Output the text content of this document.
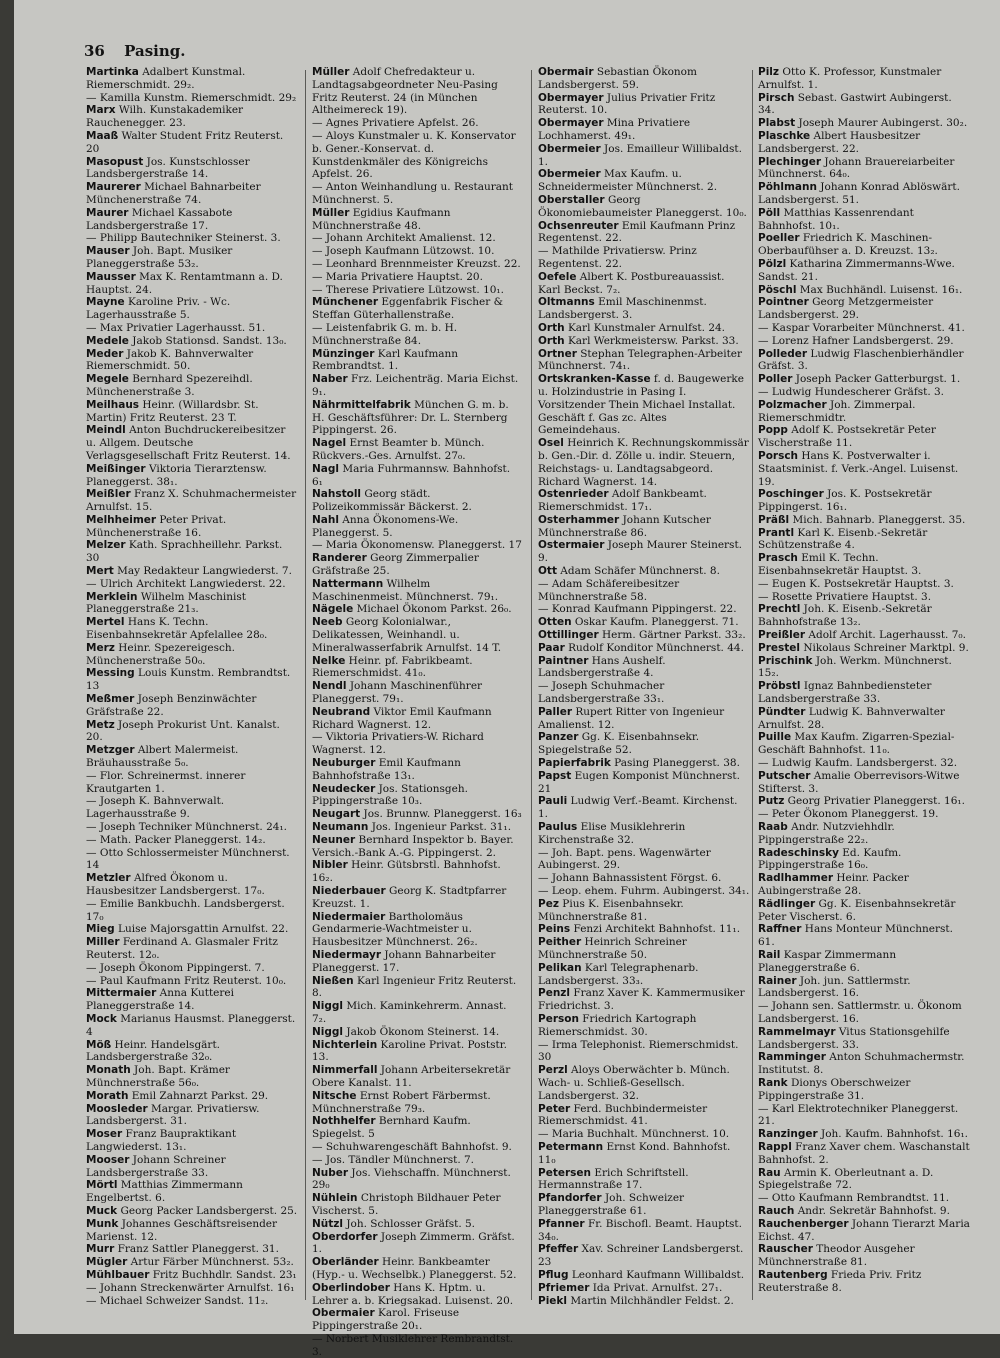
36 Pasing.
Martinka Adalbert Kunstmal. Riemerschmidt. 29₂.
— Kamilla Kunstm. Riemerschmidt. 29₂
Marx Wilh. Kunstakademiker Rauchenegger. 23.
Maaß Walter Student Fritz Reuterst. 20
Masopust Jos. Kunstschlosser Landsbergerstraße 14.
Maurerer Michael Bahnarbeiter Münchenerstraße 74.
Maurer Michael Kassabote Landsbergerstraße 17.
— Philipp Bautechniker Steinerst. 3.
Mauser Joh. Bapt. Musiker Planeggerstraße 53₂.
Mausser Max K. Rentamtmann a. D. Hauptst. 24.
Mayne Karoline Priv. - Wc. Lagerhausstraße 5.
— Max Privatier Lagerhausst. 51.
Medele Jakob Stationsd. Sandst. 13₀.
Meder Jakob K. Bahnverwalter Riemerschmidt. 50.
Megele Bernhard Spezereihdl. Münchenerstraße 3.
Meilhaus Heinr. (Willardsbr. St. Martin) Fritz Reuterst. 23 T.
Meindl Anton Buchdruckereibesitzer u. Allgem. Deutsche Verlagsgesellschaft Fritz Reuterst. 14.
Meißinger Viktoria Tierarztensw. Planeggerst. 38₁.
Meißler Franz X. Schuhmachermeister Arnulfst. 15.
Melhheimer Peter Privat. Münchenerstraße 16.
Melzer Kath. Sprachheillehr. Parkst. 30
Mert May Redakteur Langwiederst. 7.
— Ulrich Architekt Langwiederst. 22.
Merklein Wilhelm Maschinist Planeggerstraße 21₃.
Mertel Hans K. Techn. Eisenbahnsekretär Apfelallee 28₀.
Merz Heinr. Spezereigesch. Münchenerstraße 50₀.
Messing Louis Kunstm. Rembrandtst. 13
Meßmer Joseph Benzinwächter Gräfstraße 22.
Metz Joseph Prokurist Unt. Kanalst. 20.
Metzger Albert Malermeist. Bräuhausstraße 5₀.
— Flor. Schreinermst. innerer Krautgarten 1.
— Joseph K. Bahnverwalt. Lagerhausstraße 9.
— Joseph Techniker Münchnerst. 24₁.
— Math. Packer Planeggerst. 14₂.
— Otto Schlossermeister Münchnerst. 14
Metzler Alfred Ökonom u. Hausbesitzer Landsbergerst. 17₀.
— Emilie Bankbuchh. Landsbergerst. 17₀
Mieg Luise Majorsgattin Arnulfst. 22.
Miller Ferdinand A. Glasmaler Fritz Reuterst. 12₀.
— Joseph Ökonom Pippingerst. 7.
— Paul Kaufmann Fritz Reuterst. 10₀.
Mittermaier Anna Kutterei Planeggerstraße 14.
Mock Marianus Hausmst. Planeggerst. 4
Möß Heinr. Handelsgärt. Landsbergerstraße 32₀.
Monath Joh. Bapt. Krämer Münchnerstraße 56₀.
Morath Emil Zahnarzt Parkst. 29.
Moosleder Margar. Privatiersw. Landsbergerst. 31.
Moser Franz Baupraktikant Langwiederst. 13₁.
Mooser Johann Schreiner Landsbergerstraße 33.
Mörtl Matthias Zimmermann Engelbertst. 6.
Muck Georg Packer Landsbergerst. 25.
Munk Johannes Geschäftsreisender Marienst. 12.
Murr Franz Sattler Planeggerst. 31.
Mügler Artur Färber Münchnerst. 53₂.
Mühlbauer Fritz Buchhdlr. Sandst. 23₁
— Johann Streckenwärter Arnulfst. 16₁
— Michael Schweizer Sandst. 11₂.
Müller Adolf Chefredakteur u. Landtagsabgeordneter Neu-Pasing Fritz Reuterst. 24 (in München Altheimereck 19).
— Agnes Privatiere Apfelst. 26.
— Aloys Kunstmaler u. K. Konservator b. Gener.-Konservat. d. Kunstdenkmäler des Königreichs Apfelst. 26.
— Anton Weinhandlung u. Restaurant Münchnerst. 5.
Müller Egidius Kaufmann Münchnerstraße 48.
— Johann Architekt Amalienst. 12.
— Joseph Kaufmann Lützowst. 10.
— Leonhard Brennmeister Kreuzst. 22.
— Maria Privatiere Hauptst. 20.
— Therese Privatiere Lützowst. 10₁.
Münchener Eggenfabrik Fischer & Steffan Güterhallenstraße.
— Leistenfabrik G. m. b. H. Münchnerstraße 84.
Münzinger Karl Kaufmann Rembrandtst. 1.
Naber Frz. Leichenträg. Maria Eichst. 9₁.
Nährmittelfabrik München G. m. b. H. Geschäftsführer: Dr. L. Sternberg Pippingerst. 26.
Nagel Ernst Beamter b. Münch. Rückvers.-Ges. Arnulfst. 27₀.
Nagl Maria Fuhrmannsw. Bahnhofst. 6₁
Nahstoll Georg städt. Polizeikommissär Bäckerst. 2.
Nahl Anna Ökonomens-We. Planeggerst. 5.
— Maria Ökonomensw. Planeggerst. 17
Randerer Georg Zimmerpalier Gräfstraße 25.
Nattermann Wilhelm Maschinenmeist. Münchnerst. 79₁.
Nägele Michael Ökonom Parkst. 26₀.
Neeb Georg Kolonialwar., Delikatessen, Weinhandl. u. Mineralwasserfabrik Arnulfst. 14 T.
Nelke Heinr. pf. Fabrikbeamt. Riemerschmidst. 41₀.
Nendl Johann Maschinenführer Planeggerst. 79₁.
Neubrand Viktor Emil Kaufmann Richard Wagnerst. 12.
— Viktoria Privatiers-W. Richard Wagnerst. 12.
Neuburger Emil Kaufmann Bahnhofstraße 13₁.
Neudecker Jos. Stationsgeh. Pippingerstraße 10₃.
Neugart Jos. Brunnw. Planeggerst. 16₃
Neumann Jos. Ingenieur Parkst. 31₁.
Neuner Bernhard Inspektor b. Bayer. Versich.-Bank A.-G. Pippingerst. 2.
Nibler Heinr. Gütsbrstl. Bahnhofst. 16₂.
Niederbauer Georg K. Stadtpfarrer Kreuzst. 1.
Niedermaier Bartholomäus Gendarmerie-Wachtmeister u. Hausbesitzer Münchnerst. 26₂.
Niedermayr Johann Bahnarbeiter Planeggerst. 17.
Nießen Karl Ingenieur Fritz Reuterst. 8.
Niggl Mich. Kaminkehrerm. Annast. 7₂.
Niggl Jakob Ökonom Steinerst. 14.
Nichterlein Karoline Privat. Poststr. 13.
Nimmerfall Johann Arbeitersekretär Obere Kanalst. 11.
Nitsche Ernst Robert Färbermst. Münchnerstraße 79₃.
Nothhelfer Bernhard Kaufm. Spiegelst. 5
— Schuhwarengeschäft Bahnhofst. 9.
— Jos. Tändler Münchnerst. 7.
Nuber Jos. Viehschaffn. Münchnerst. 29₀
Nühlein Christoph Bildhauer Peter Vischerst. 5.
Nützl Joh. Schlosser Gräfst. 5.
Oberdorfer Joseph Zimmerm. Gräfst. 1.
Oberländer Heinr. Bankbeamter (Hyp.- u. Wechselbk.) Planeggerst. 52.
Oberlindober Hans K. Hptm. u. Lehrer a. b. Kriegsakad. Luisenst. 20.
Obermaier Karol. Friseuse Pippingerstraße 20₁.
— Norbert Musiklehrer Rembrandtst. 3.
Obermair Sebastian Ökonom Landsbergerst. 59.
Obermayer Julius Privatier Fritz Reuterst. 10.
Obermayer Mina Privatiere Lochhamerst. 49₁.
Obermeier Jos. Emailleur Willibaldst. 1.
Obermeier Max Kaufm. u. Schneidermeister Münchnerst. 2.
Oberstaller Georg Ökonomiebaumeister Planeggerst. 10₀.
Ochsenreuter Emil Kaufmann Prinz Regentenst. 22.
— Mathilde Privatiersw. Prinz Regentenst. 22.
Oefele Albert K. Postbureauassist. Karl Beckst. 7₂.
Oltmanns Emil Maschinenmst. Landsbergerst. 3.
Orth Karl Kunstmaler Arnulfst. 24.
Orth Karl Werkmeistersw. Parkst. 33.
Ortner Stephan Telegraphen-Arbeiter Münchnerst. 74₁.
Ortskranken-Kasse f. d. Baugewerke u. Holzindustrie in Pasing I. Vorsitzender Thein Michael Installat. Geschäft f. Gas zc. Altes Gemeindehaus.
Osel Heinrich K. Rechnungskommissär b. Gen.-Dir. d. Zölle u. indir. Steuern, Reichstags- u. Landtagsabgeord. Richard Wagnerst. 14.
Ostenrieder Adolf Bankbeamt. Riemerschmidst. 17₁.
Osterhammer Johann Kutscher Münchnerstraße 86.
Ostermaier Joseph Maurer Steinerst. 9.
Ott Adam Schäfer Münchnerst. 8.
— Adam Schäfereibesitzer Münchnerstraße 58.
— Konrad Kaufmann Pippingerst. 22.
Otten Oskar Kaufm. Planeggerst. 71.
Ottillinger Herm. Gärtner Parkst. 33₂.
Paar Rudolf Konditor Münchnerst. 44.
Paintner Hans Aushelf. Landsbergerstraße 4.
— Joseph Schuhmacher Landsbergerstraße 33₁.
Paller Rupert Ritter von Ingenieur Amalienst. 12.
Panzer Gg. K. Eisenbahnsekr. Spiegelstraße 52.
Papierfabrik Pasing Planeggerst. 38.
Papst Eugen Komponist Münchnerst. 21
Pauli Ludwig Verf.-Beamt. Kirchenst. 1.
Paulus Elise Musiklehrerin Kirchenstraße 32.
— Joh. Bapt. pens. Wagenwärter Aubingerst. 29.
— Johann Bahnassistent Förgst. 6.
— Leop. ehem. Fuhrm. Aubingerst. 34₁.
Pez Pius K. Eisenbahnsekr. Münchnerstraße 81.
Peins Fenzi Architekt Bahnhofst. 11₁.
Peither Heinrich Schreiner Münchnerstraße 50.
Pelikan Karl Telegraphenarb. Landsbergerst. 33₃.
Penzl Franz Xaver K. Kammermusiker Friedrichst. 3.
Person Friedrich Kartograph Riemerschmidst. 30.
— Irma Telephonist. Riemerschmidst. 30
Perzl Aloys Oberwächter b. Münch. Wach- u. Schließ-Gesellsch. Landsbergerst. 32.
Peter Ferd. Buchbindermeister Riemerschmidst. 41.
— Maria Buchhalt. Münchnerst. 10.
Petermann Ernst Kond. Bahnhofst. 11₀
Petersen Erich Schriftstell. Hermannstraße 17.
Pfandorfer Joh. Schweizer Planeggerstraße 61.
Pfanner Fr. Bischofl. Beamt. Hauptst. 34₀.
Pfeffer Xav. Schreiner Landsbergerst. 23
Pflug Leonhard Kaufmann Willibaldst.
Pfriemer Ida Privat. Arnulfst. 27₁.
Piekl Martin Milchhändler Feldst. 2.
Pilz Otto K. Professor, Kunstmaler Arnulfst. 1.
Pirsch Sebast. Gastwirt Aubingerst. 34.
Plabst Joseph Maurer Aubingerst. 30₂.
Plaschke Albert Hausbesitzer Landsbergerst. 22.
Plechinger Johann Brauereiarbeiter Münchnerst. 64₀.
Pöhlmann Johann Konrad Ablöswärt. Landsbergerst. 51.
Pöll Matthias Kassenrendant Bahnhofst. 10₁.
Poeller Friedrich K. Maschinen-Oberbaufühser a. D. Kreuzst. 13₂.
Pölzl Katharina Zimmermanns-Wwe. Sandst. 21.
Pöschl Max Buchhändl. Luisenst. 16₁.
Pointner Georg Metzgermeister Landsbergerst. 29.
— Kaspar Vorarbeiter Münchnerst. 41.
— Lorenz Hafner Landsbergerst. 29.
Polleder Ludwig Flaschenbierhändler Gräfst. 3.
Poller Joseph Packer Gatterburgst. 1.
— Ludwig Hundescherer Gräfst. 3.
Polzmacher Joh. Zimmerpal. Riemerschmidtr.
Popp Adolf K. Postsekretär Peter Vischerstraße 11.
Porsch Hans K. Postverwalter i. Staatsminist. f. Verk.-Angel. Luisenst. 19.
Poschinger Jos. K. Postsekretär Pippingerst. 16₁.
Präßl Mich. Bahnarb. Planeggerst. 35.
Prantl Karl K. Eisenb.-Sekretär Schützenstraße 4.
Prasch Emil K. Techn. Eisenbahnsekretär Hauptst. 3.
— Eugen K. Postsekretär Hauptst. 3.
— Rosette Privatiere Hauptst. 3.
Prechtl Joh. K. Eisenb.-Sekretär Bahnhofstraße 13₂.
Preißler Adolf Archit. Lagerhausst. 7₀.
Prestel Nikolaus Schreiner Marktpl. 9.
Prischink Joh. Werkm. Münchnerst. 15₂.
Pröbstl Ignaz Bahnbediensteter Landsbergerstraße 33.
Pündter Ludwig K. Bahnverwalter Arnulfst. 28.
Puille Max Kaufm. Zigarren-Spezial-Geschäft Bahnhofst. 11₀.
— Ludwig Kaufm. Landsbergerst. 32.
Putscher Amalie Oberrevisors-Witwe Stifterst. 3.
Putz Georg Privatier Planeggerst. 16₁.
— Peter Ökonom Planeggerst. 19.
Raab Andr. Nutzviehhdlr. Pippingerstraße 22₂.
Radeschinsky Ed. Kaufm. Pippingerstraße 16₀.
Radlhammer Heinr. Packer Aubingerstraße 28.
Rädlinger Gg. K. Eisenbahnsekretär Peter Vischerst. 6.
Raffner Hans Monteur Münchnerst. 61.
Rail Kaspar Zimmermann Planeggerstraße 6.
Rainer Joh. jun. Sattlermstr. Landsbergerst. 16.
— Johann sen. Sattlermstr. u. Ökonom Landsbergerst. 16.
Rammelmayr Vitus Stationsgehilfe Landsbergerst. 33.
Ramminger Anton Schuhmachermstr. Institutst. 8.
Rank Dionys Oberschweizer Pippingerstraße 31.
— Karl Elektrotechniker Planeggerst. 21.
Ranzinger Joh. Kaufm. Bahnhofst. 16₁.
Rappl Franz Xaver chem. Waschanstalt Bahnhofst. 2.
Rau Armin K. Oberleutnant a. D. Spiegelstraße 72.
— Otto Kaufmann Rembrandtst. 11.
Rauch Andr. Sekretär Bahnhofst. 9.
Rauchenberger Johann Tierarzt Maria Eichst. 47.
Rauscher Theodor Ausgeher Münchnerstraße 81.
Rautenberg Frieda Priv. Fritz Reuterstraße 8.
